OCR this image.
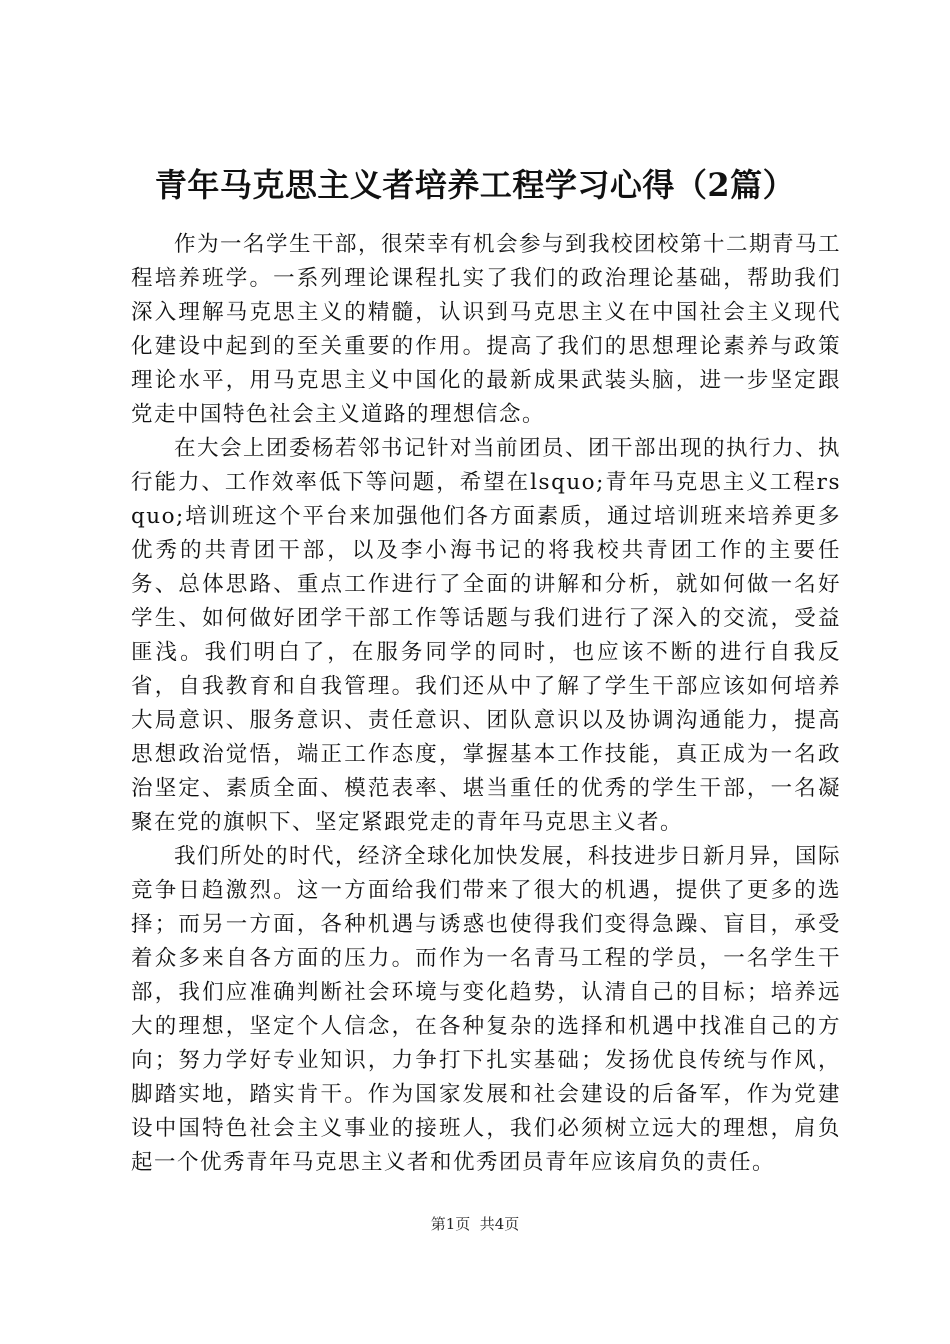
青年马克思主义者培养工程学习心得（2篇）

作为一名学生干部，很荣幸有机会参与到我校团校第十二期青马工程培养班学。一系列理论课程扎实了我们的政治理论基础，帮助我们深入理解马克思主义的精髓，认识到马克思主义在中国社会主义现代化建设中起到的至关重要的作用。提高了我们的思想理论素养与政策理论水平，用马克思主义中国化的最新成果武装头脑，进一步坚定跟党走中国特色社会主义道路的理想信念。

在大会上团委杨若邻书记针对当前团员、团干部出现的执行力、执行能力、工作效率低下等问题，希望在lsquo;青年马克思主义工程rsquo;培训班这个平台来加强他们各方面素质，通过培训班来培养更多优秀的共青团干部，以及李小海书记的将我校共青团工作的主要任务、总体思路、重点工作进行了全面的讲解和分析，就如何做一名好学生、如何做好团学干部工作等话题与我们进行了深入的交流，受益匪浅。我们明白了，在服务同学的同时，也应该不断的进行自我反省，自我教育和自我管理。我们还从中了解了学生干部应该如何培养大局意识、服务意识、责任意识、团队意识以及协调沟通能力，提高思想政治觉悟，端正工作态度，掌握基本工作技能，真正成为一名政治坚定、素质全面、模范表率、堪当重任的优秀的学生干部，一名凝聚在党的旗帜下、坚定紧跟党走的青年马克思主义者。

我们所处的时代，经济全球化加快发展，科技进步日新月异，国际竞争日趋激烈。这一方面给我们带来了很大的机遇，提供了更多的选择；而另一方面，各种机遇与诱惑也使得我们变得急躁、盲目，承受着众多来自各方面的压力。而作为一名青马工程的学员，一名学生干部，我们应准确判断社会环境与变化趋势，认清自己的目标；培养远大的理想，坚定个人信念，在各种复杂的选择和机遇中找准自己的方向；努力学好专业知识，力争打下扎实基础；发扬优良传统与作风，脚踏实地，踏实肯干。作为国家发展和社会建设的后备军，作为党建设中国特色社会主义事业的接班人，我们必须树立远大的理想，肩负起一个优秀青年马克思主义者和优秀团员青年应该肩负的责任。

第1页  共4页
